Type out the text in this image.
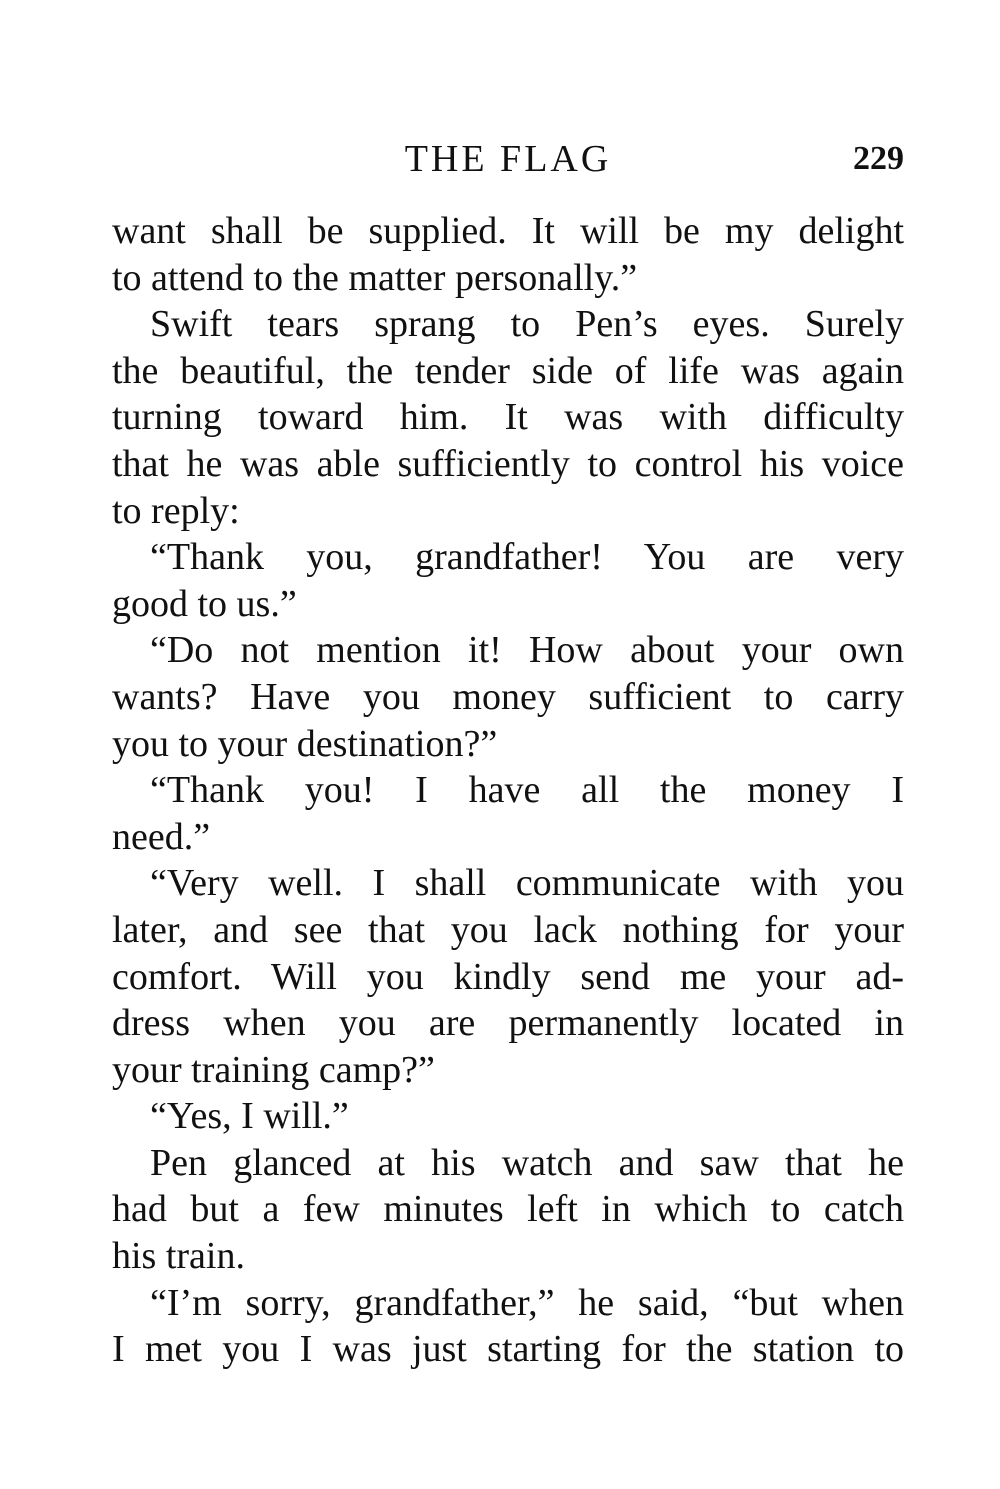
THE FLAG	229
want shall be supplied. It will be my delight
to attend to the matter personally.”
Swift tears sprang to Pen’s eyes. Surely
the beautiful, the tender side of life was again
turning toward him. It was with difficulty
that he was able sufficiently to control his voice
to reply:
“Thank you, grandfather! You are very
good to us.”
“Do not mention it! How about your own
wants? Have you money sufficient to carry
you to your destination?”
“Thank you! I have all the money I
need.”
“Very well. I shall communicate with you
later, and see that you lack nothing for your
comfort. Will you kindly send me your ad-
dress when you are permanently located in
your training camp?”
“Yes, I will.”
Pen glanced at his watch and saw that he
had but a few minutes left in which to catch
his train.
“I’m sorry, grandfather,” he said, “but when
I met you I was just starting for the station to
